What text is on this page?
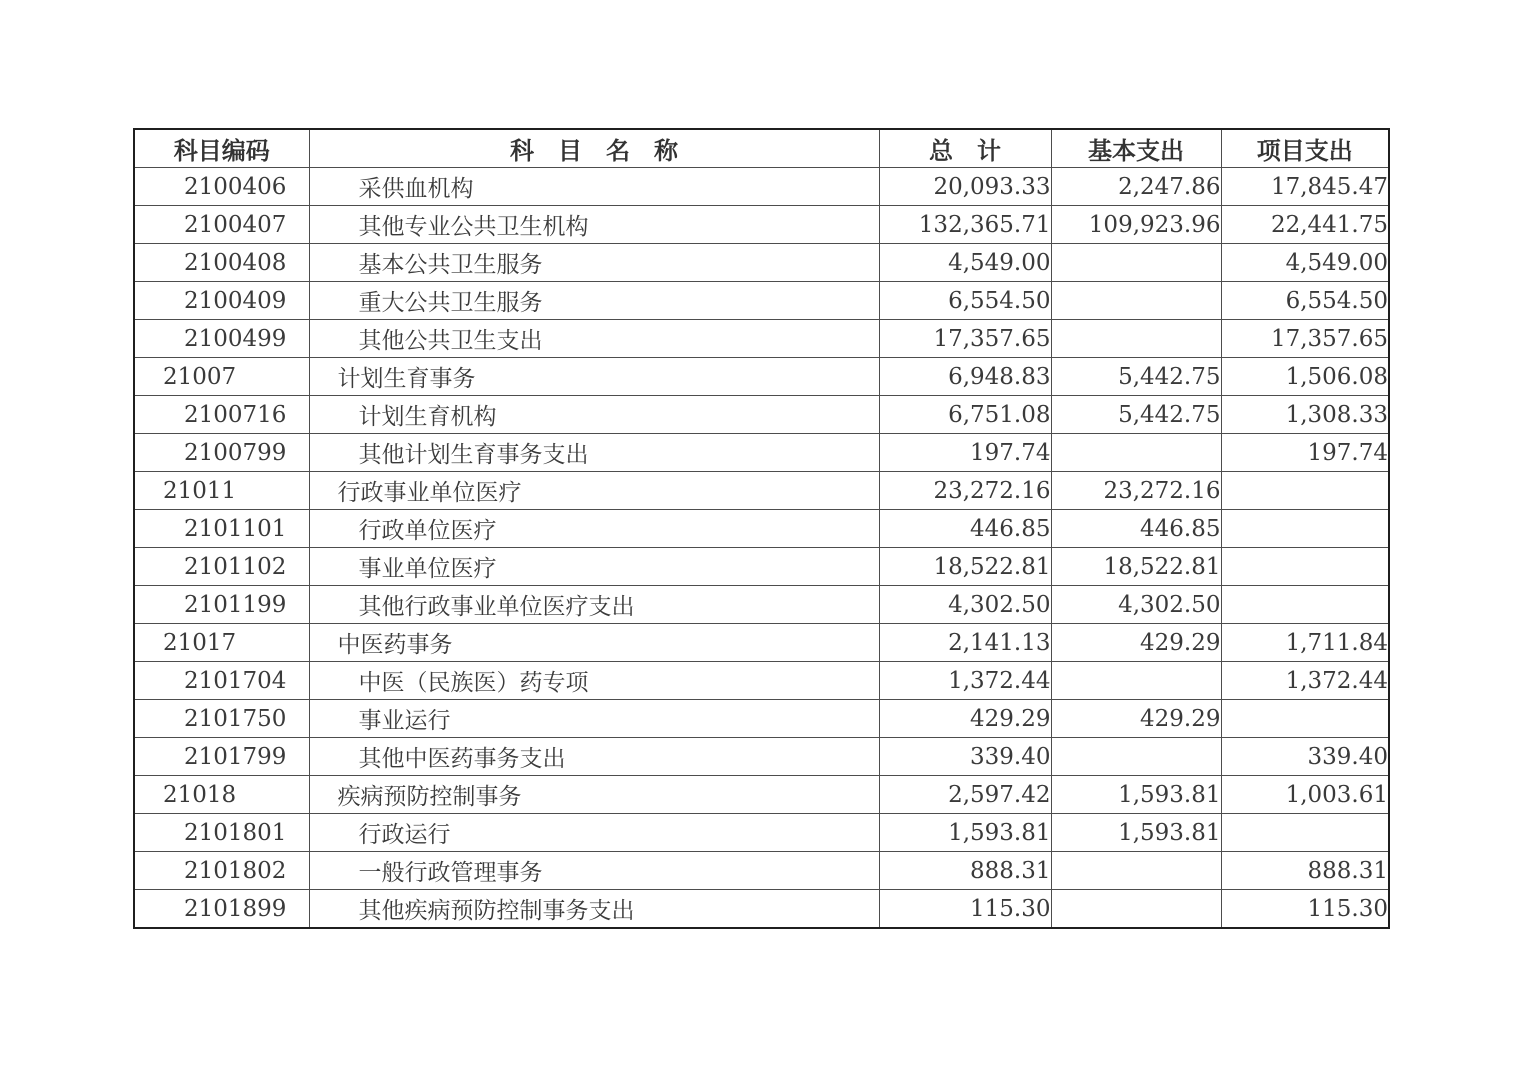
科目编码	科　目　名　称	总　计	基本支出	项目支出
2100406	采供血机构	20,093.33	2,247.86	17,845.47
2100407	其他专业公共卫生机构	132,365.71	109,923.96	22,441.75
2100408	基本公共卫生服务	4,549.00		4,549.00
2100409	重大公共卫生服务	6,554.50		6,554.50
2100499	其他公共卫生支出	17,357.65		17,357.65
21007	计划生育事务	6,948.83	5,442.75	1,506.08
2100716	计划生育机构	6,751.08	5,442.75	1,308.33
2100799	其他计划生育事务支出	197.74		197.74
21011	行政事业单位医疗	23,272.16	23,272.16	
2101101	行政单位医疗	446.85	446.85	
2101102	事业单位医疗	18,522.81	18,522.81	
2101199	其他行政事业单位医疗支出	4,302.50	4,302.50	
21017	中医药事务	2,141.13	429.29	1,711.84
2101704	中医（民族医）药专项	1,372.44		1,372.44
2101750	事业运行	429.29	429.29	
2101799	其他中医药事务支出	339.40		339.40
21018	疾病预防控制事务	2,597.42	1,593.81	1,003.61
2101801	行政运行	1,593.81	1,593.81	
2101802	一般行政管理事务	888.31		888.31
2101899	其他疾病预防控制事务支出	115.30		115.30
